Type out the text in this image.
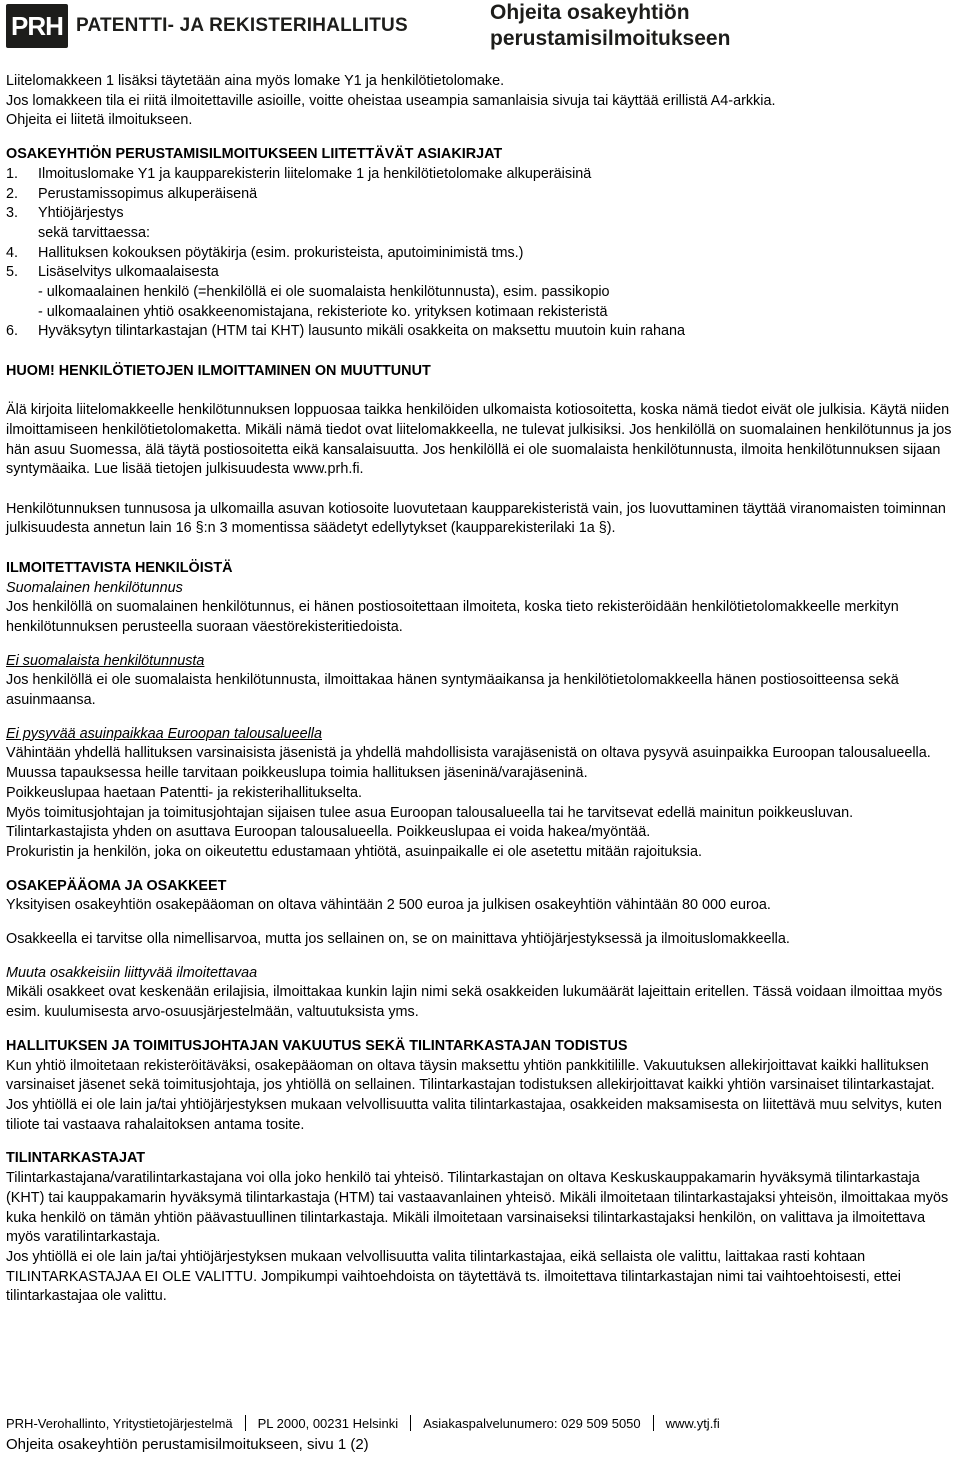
PRH PATENTTI- JA REKISTERIHALLITUS
Ohjeita osakeyhtiön
perustamisilmoitukseen

Liitelomakkeen 1 lisäksi täytetään aina myös lomake Y1 ja henkilötietolomake.

Jos lomakkeen tila ei riitä ilmoitettaville asioille, voitte oheistaa useampia samanlaisia sivuja tai käyttää erillistä A4-arkkia.

Ohjeita ei liitetä ilmoitukseen.

OSAKEYHTIÖN PERUSTAMISILMOITUKSEEN LIITETTÄVÄT ASIAKIRJAT

1.	Ilmoituslomake Y1 ja kaupparekisterin liitelomake 1 ja henkilötietolomake alkuperäisinä
2.	Perustamissopimus alkuperäisenä
3.	Yhtiöjärjestys
sekä tarvittaessa:
4.	Hallituksen kokouksen pöytäkirja (esim. prokuristeista, aputoiminimistä tms.)
5.	Lisäselvitys ulkomaalaisesta
- ulkomaalainen henkilö (=henkilöllä ei ole suomalaista henkilötunnusta), esim. passikopio
- ulkomaalainen yhtiö osakkeenomistajana, rekisteriote ko. yrityksen kotimaan rekisteristä
6.	Hyväksytyn tilintarkastajan (HTM tai KHT) lausunto mikäli osakkeita on maksettu muutoin kuin rahana

HUOM! HENKILÖTIETOJEN ILMOITTAMINEN ON MUUTTUNUT

Älä kirjoita liitelomakkeelle henkilötunnuksen loppuosaa taikka henkilöiden ulkomaista kotiosoitetta, koska nämä tiedot eivät ole julkisia. Käytä niiden ilmoittamiseen henkilötietolomaketta. Mikäli nämä tiedot ovat liitelomakkeella, ne tulevat julkisiksi. Jos henkilöllä on suomalainen henkilötunnus ja jos hän asuu Suomessa, älä täytä postiosoitetta eikä kansalaisuutta. Jos henkilöllä ei ole suomalaista henkilötunnusta, ilmoita henkilötunnuksen sijaan syntymäaika. Lue lisää tietojen julkisuudesta www.prh.fi.

Henkilötunnuksen tunnusosa ja ulkomailla asuvan kotiosoite luovutetaan kaupparekisteristä vain, jos luovuttaminen täyttää viranomaisten toiminnan julkisuudesta annetun lain 16 §:n 3 momentissa säädetyt edellytykset (kaupparekisterilaki 1a §).

ILMOITETTAVISTA HENKILÖISTÄ

Suomalainen henkilötunnus

Jos henkilöllä on suomalainen henkilötunnus, ei hänen postiosoitettaan ilmoiteta, koska tieto rekisteröidään henkilötietolomakkeelle merkityn henkilötunnuksen perusteella suoraan väestörekisteritiedoista.

Ei suomalaista henkilötunnusta

Jos henkilöllä ei ole suomalaista henkilötunnusta, ilmoittakaa hänen syntymäaikansa ja henkilötietolomakkeella hänen postiosoitteensa sekä asuinmaansa.

Ei pysyvää asuinpaikkaa Euroopan talousalueella

Vähintään yhdellä hallituksen varsinaisista jäsenistä ja yhdellä mahdollisista varajäsenistä on oltava pysyvä asuinpaikka Euroopan talousalueella. Muussa tapauksessa heille tarvitaan poikkeuslupa toimia hallituksen jäseninä/varajäseninä.

Poikkeuslupaa haetaan Patentti- ja rekisterihallitukselta.

Myös toimitusjohtajan ja toimitusjohtajan sijaisen tulee asua Euroopan talousalueella tai he tarvitsevat edellä mainitun poikkeusluvan.

Tilintarkastajista yhden on asuttava Euroopan talousalueella. Poikkeuslupaa ei voida hakea/myöntää.

Prokuristin ja henkilön, joka on oikeutettu edustamaan yhtiötä, asuinpaikalle ei ole asetettu mitään rajoituksia.

OSAKEPÄÄOMA JA OSAKKEET

Yksityisen osakeyhtiön osakepääoman on oltava vähintään 2 500 euroa ja julkisen osakeyhtiön vähintään 80 000 euroa.

Osakkeella ei tarvitse olla nimellisarvoa, mutta jos sellainen on, se on mainittava yhtiöjärjestyksessä ja ilmoituslomakkeella.

Muuta osakkeisiin liittyvää ilmoitettavaa

Mikäli osakkeet ovat keskenään erilajisia, ilmoittakaa kunkin lajin nimi sekä osakkeiden lukumäärät lajeittain eritellen. Tässä voidaan ilmoittaa myös esim. kuulumisesta arvo-osuusjärjestelmään, valtuutuksista yms.

HALLITUKSEN JA TOIMITUSJOHTAJAN VAKUUTUS SEKÄ TILINTARKASTAJAN TODISTUS

Kun yhtiö ilmoitetaan rekisteröitäväksi, osakepääoman on oltava täysin maksettu yhtiön pankkitilille. Vakuutuksen allekirjoittavat kaikki hallituksen varsinaiset jäsenet sekä toimitusjohtaja, jos yhtiöllä on sellainen. Tilintarkastajan todistuksen allekirjoittavat kaikki yhtiön varsinaiset tilintarkastajat. Jos yhtiöllä ei ole lain ja/tai yhtiöjärjestyksen mukaan velvollisuutta valita tilintarkastajaa, osakkeiden maksamisesta on liitettävä muu selvitys, kuten tiliote tai vastaava rahalaitoksen antama tosite.

TILINTARKASTAJAT

Tilintarkastajana/varatilintarkastajana voi olla joko henkilö tai yhteisö. Tilintarkastajan on oltava Keskuskauppakamarin hyväksymä tilintarkastaja (KHT) tai kauppakamarin hyväksymä tilintarkastaja (HTM) tai vastaavanlainen yhteisö. Mikäli ilmoitetaan tilintarkastajaksi yhteisön, ilmoittakaa myös kuka henkilö on tämän yhtiön päävastuullinen tilintarkastaja. Mikäli ilmoitetaan varsinaiseksi tilintarkastajaksi henkilön, on valittava ja ilmoitettava myös varatilintarkastaja.

Jos yhtiöllä ei ole lain ja/tai yhtiöjärjestyksen mukaan velvollisuutta valita tilintarkastajaa, eikä sellaista ole valittu, laittakaa rasti kohtaan TILINTARKASTAJAA EI OLE VALITTU. Jompikumpi vaihtoehdoista on täytettävä ts. ilmoitettava tilintarkastajan nimi tai vaihtoehtoisesti, ettei tilintarkastajaa ole valittu.

PRH-Verohallinto, Yritystietojärjestelmä PL 2000, 00231 Helsinki Asiakaspalvelunumero: 029 509 5050 www.ytj.fi
Ohjeita osakeyhtiön perustamisilmoitukseen, sivu 1 (2)
